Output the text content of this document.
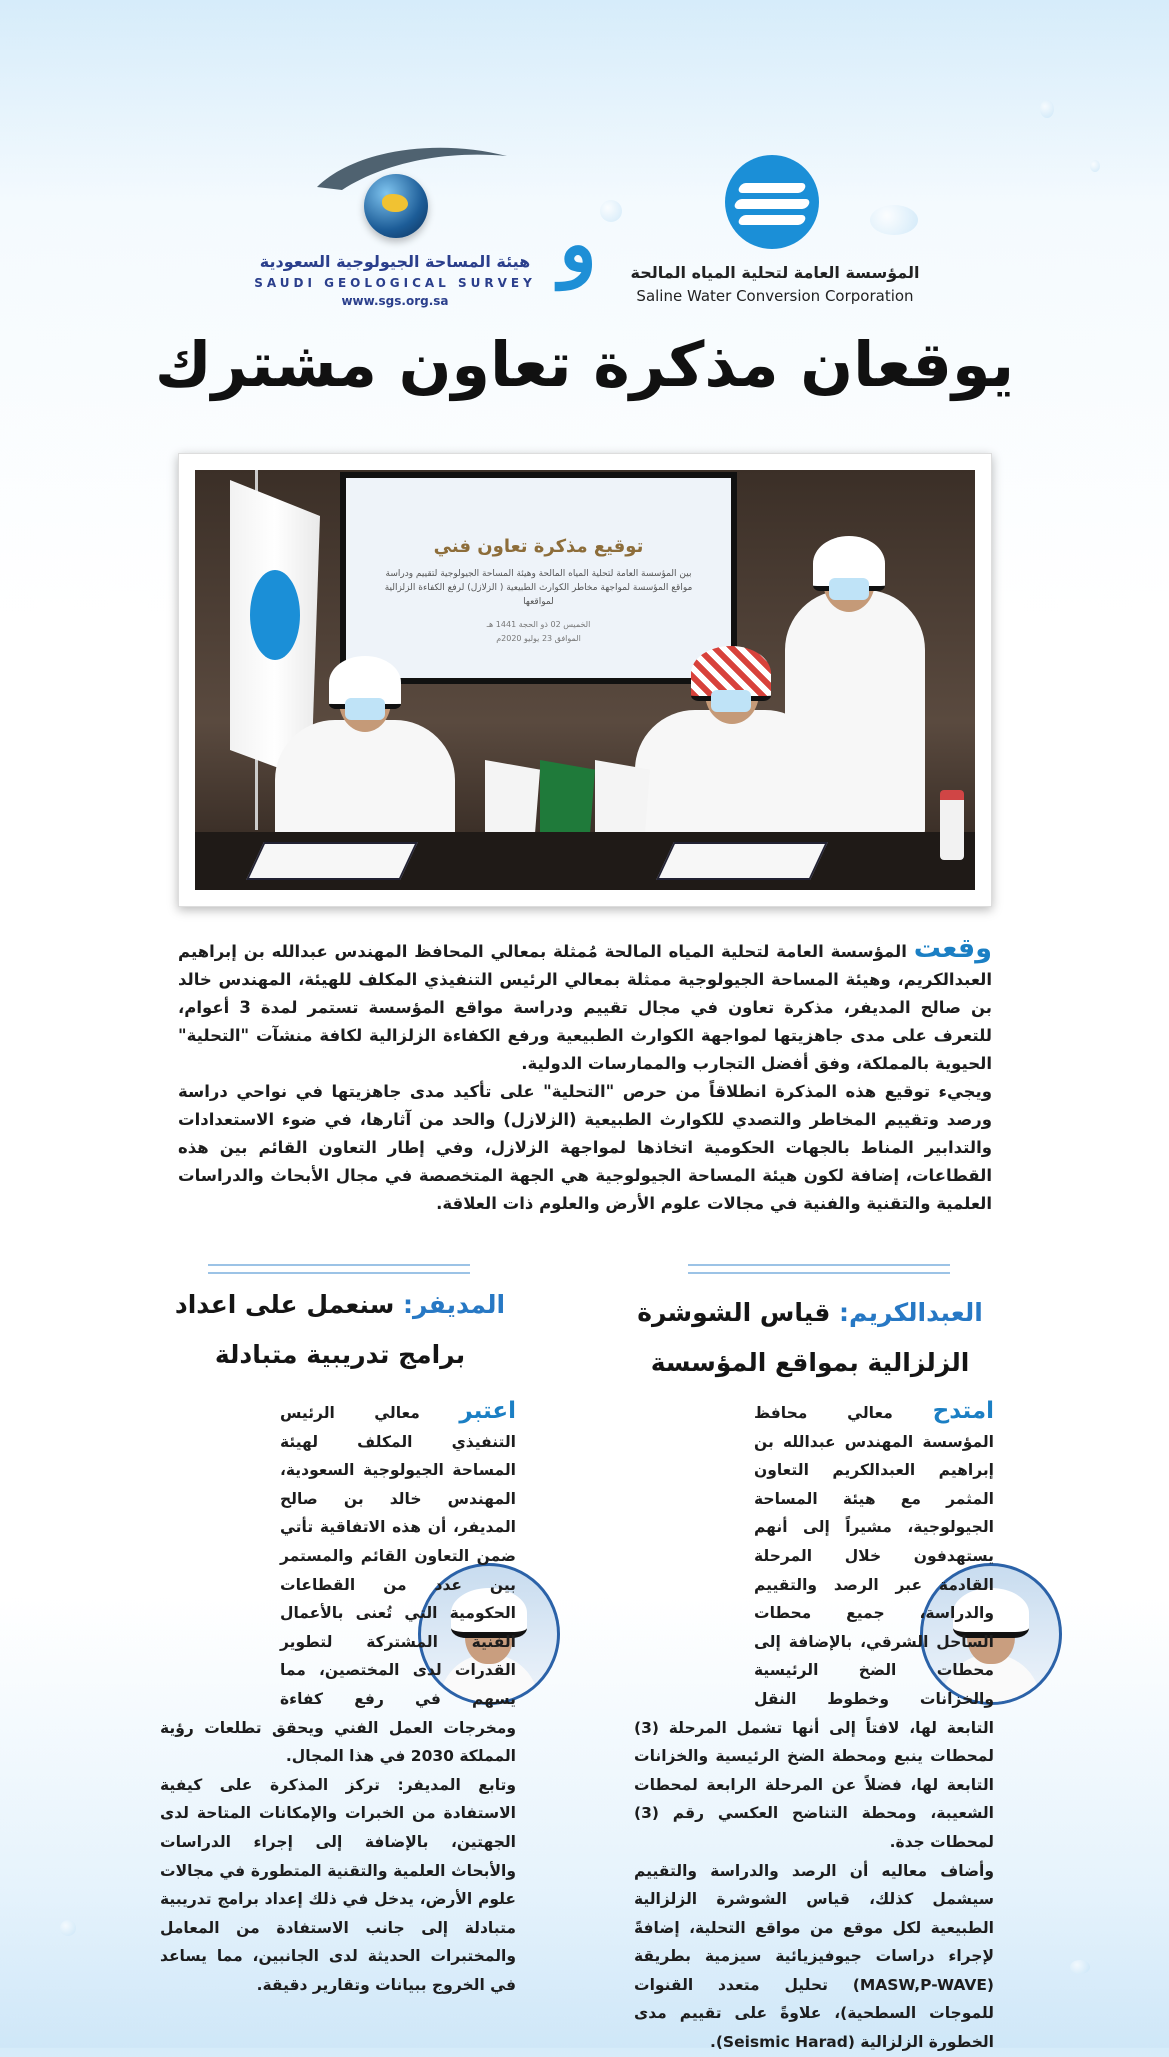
هيئة المساحة الجيولوجية السعودية
SAUDI GEOLOGICAL SURVEY
www.sgs.org.sa
و	المؤسسة العامة لتحلية المياه المالحة
Saline Water Conversion Corporation
يوقعان مذكرة تعاون مشترك
توقيع مذكرة تعاون فني
بين المؤسسة العامة لتحلية المياه المالحة وهيئة المساحة الجيولوجية لتقييم ودراسة مواقع المؤسسة لمواجهة مخاطر الكوارث الطبيعية ( الزلازل) لرفع الكفاءة الزلزالية لمواقعها
الخميس 02 ذو الحجة 1441 هـ
الموافق 23 يوليو 2020م

وقعت المؤسسة العامة لتحلية المياه المالحة مُمثلة بمعالي المحافظ المهندس عبدالله بن إبراهيم العبدالكريم، وهيئة المساحة الجيولوجية ممثلة بمعالي الرئيس التنفيذي المكلف للهيئة، المهندس خالد بن صالح المديفر، مذكرة تعاون في مجال تقييم ودراسة مواقع المؤسسة تستمر لمدة 3 أعوام، للتعرف على مدى جاهزيتها لمواجهة الكوارث الطبيعية ورفع الكفاءة الزلزالية لكافة منشآت "التحلية" الحيوية بالمملكة، وفق أفضل التجارب والممارسات الدولية.

ويجيء توقيع هذه المذكرة انطلاقاً من حرص "التحلية" على تأكيد مدى جاهزيتها في نواحي دراسة ورصد وتقييم المخاطر والتصدي للكوارث الطبيعية (الزلازل) والحد من آثارها، في ضوء الاستعدادات والتدابير المناط بالجهات الحكومية اتخاذها لمواجهة الزلازل، وفي إطار التعاون القائم بين هذه القطاعات، إضافة لكون هيئة المساحة الجيولوجية هي الجهة المتخصصة في مجال الأبحاث والدراسات العلمية والتقنية والفنية في مجالات علوم الأرض والعلوم ذات العلاقة.

العبدالكريم: قياس الشوشرة
الزلزالية بمواقع المؤسسة

امتدح معالي محافظ المؤسسة المهندس عبدالله بن إبراهيم العبدالكريم التعاون المثمر مع هيئة المساحة الجيولوجية، مشيراً إلى أنهم يستهدفون خلال المرحلة القادمة عبر الرصد والتقييم والدراسة، جميع محطات الساحل الشرقي، بالإضافة إلى محطات الضخ الرئيسية والخزانات وخطوط النقل التابعة لها، لافتاً إلى أنها تشمل المرحلة (3) لمحطات ينبع ومحطة الضخ الرئيسية والخزانات التابعة لها، فضلاً عن المرحلة الرابعة لمحطات الشعيبة، ومحطة التناضح العكسي رقم (3) لمحطات جدة.

وأضاف معاليه أن الرصد والدراسة والتقييم سيشمل كذلك، قياس الشوشرة الزلزالية الطبيعية لكل موقع من مواقع التحلية، إضافةً لإجراء دراسات جيوفيزيائية سيزمية بطريقة (MASW,P-WAVE) تحليل متعدد القنوات للموجات السطحية)، علاوةً على تقييم مدى الخطورة الزلزالية (Seismic Harad).

المديفر: سنعمل على اعداد
برامج تدريبية متبادلة

اعتبر معالي الرئيس التنفيذي المكلف لهيئة المساحة الجيولوجية السعودية، المهندس خالد بن صالح المديفر، أن هذه الاتفاقية تأتي ضمن التعاون القائم والمستمر بين عدد من القطاعات الحكومية التي تُعنى بالأعمال الفنية المشتركة لتطوير القدرات لدى المختصين، مما يسهم في رفع كفاءة ومخرجات العمل الفني ويحقق تطلعات رؤية المملكة 2030 في هذا المجال.

وتابع المديفر: تركز المذكرة على كيفية الاستفادة من الخبرات والإمكانات المتاحة لدى الجهتين، بالإضافة إلى إجراء الدراسات والأبحاث العلمية والتقنية المتطورة في مجالات علوم الأرض، يدخل في ذلك إعداد برامج تدريبية متبادلة إلى جانب الاستفادة من المعامل والمختبرات الحديثة لدى الجانبين، مما يساعد في الخروج ببيانات وتقارير دقيقة.
